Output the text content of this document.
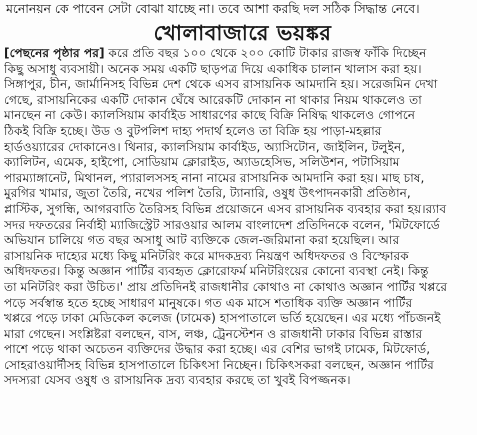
মনোনয়ন কে পাবেন সেটা বোঝা যাচ্ছে না। তবে আশা করছি দল সঠিক সিদ্ধান্ত নেবে।
খোলাবাজারে ভয়ঙ্কর
[পেছনের পৃষ্ঠার পর] করে প্রতি বছর ১০০ থেকে ২০০ কোটি টাকার রাজস্ব ফাঁকি দিচ্ছেন
কিছু অসাধু ব্যবসায়ী। অনেক সময় একটি ছাড়পত্র দিয়ে একাধিক চালান খালাস করা হয়।
সিঙ্গাপুর, চীন, জার্মানিসহ বিভিন্ন দেশ থেকে এসব রাসায়নিক আমদানি হয়। সরেজমিন দেখা
গেছে, রাসায়নিকের একটি দোকান ঘেঁষে আরেকটি দোকান না থাকার নিয়ম থাকলেও তা
মানছেন না কেউ। ক্যালসিয়াম কার্বাইড সাধারণের কাছে বিক্রি নিষিদ্ধ থাকলেও গোপনে
ঠিকই বিক্রি হচ্ছে। উড ও বুটপলিশ দাহ্য পদার্থ হলেও তা বিক্রি হয় পাড়া-মহল্লার
হার্ডওয়্যারের দোকানেও। থিনার, ক্যালসিয়াম কার্বাইড, অ্যাসিটোন, জাইলিন, টলুইন,
ক্যালিটন, এমেক, হাইপো, সোডিয়াম ক্লোরাইড, অ্যাডহেসিভ, সলিউশন, পটাসিয়াম
পারম্যাঙ্গানেট, মিথানল, প্যারালসসহ নানা নামের রাসায়নিক আমদানি করা হয়। মাছ চাষ,
মুরগির খামার, জুতা তৈরি, নখের পলিশ তৈরি, ট্যানারি, ওষুধ উৎপাদনকারী প্রতিষ্ঠান,
প্লাস্টিক, সুগন্ধি, আগরবাতি তৈরিসহ বিভিন্ন প্রয়োজনে এসব রাসায়নিক ব্যবহার করা হয়।র‍্যাব
সদর দফতরের নির্বাহী ম্যাজিস্ট্রেট সারওয়ার আলম বাংলাদেশ প্রতিদিনকে বলেন, 'মিটফোর্ডে
অভিযান চালিয়ে গত বছর অসাধু আট ব্যক্তিকে জেল-জরিমানা করা হয়েছিল। আর
রাসায়নিক দাহ্যের মধ্যে কিছু মনিটরিং করে মাদকদ্রব্য নিয়ন্ত্রণ অধিদফতর ও বিস্ফোরক
অধিদফতর। কিন্তু অজ্ঞান পার্টির ব্যবহৃত ক্লোরোফর্ম মনিটরিংয়ের কোনো ব্যবস্থা নেই। কিন্তু
তা মনিটরিং করা উচিত।' প্রায় প্রতিদিনই রাজধানীর কোথাও না কোথাও অজ্ঞান পার্টির খপ্পরে
পড়ে সর্বস্বান্ত হতে হচ্ছে সাধারণ মানুষকে। গত এক মাসে শতাধিক ব্যক্তি অজ্ঞান পার্টির
খপ্পরে পড়ে ঢাকা মেডিকেল কলেজ (ঢামেক) হাসপাতালে ভর্তি হয়েছেন। এর মধ্যে পাঁচজনই
মারা গেছেন। সংশ্লিষ্টরা বলছেন, বাস, লঞ্চ, ট্রেনস্টেশন ও রাজধানী ঢাকার বিভিন্ন রাস্তার
পাশে পড়ে থাকা অচেতন ব্যক্তিদের উদ্ধার করা হচ্ছে। এর বেশির ভাগই ঢামেক, মিটফোর্ড,
সোহরাওয়ার্দীসহ বিভিন্ন হাসপাতালে চিকিৎসা নিচ্ছেন। চিকিৎসকরা বলছেন, অজ্ঞান পার্টির
সদস্যরা যেসব ওষুধ ও রাসায়নিক দ্রব্য ব্যবহার করছে তা খুবই বিপজ্জনক।
